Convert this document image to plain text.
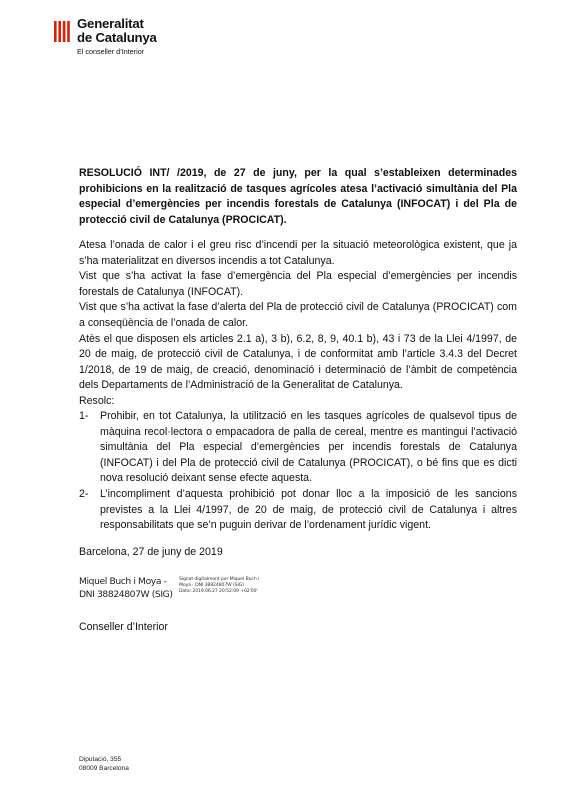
Generalitat
de Catalunya
El conseller d’Interior
RESOLUCIÓ INT/ /2019, de 27 de juny, per la qual s’estableixen determinades prohibicions en la realització de tasques agrícoles atesa l’activació simultània del Pla especial d’emergències per incendis forestals de Catalunya (INFOCAT) i del Pla de protecció civil de Catalunya (PROCICAT).

Atesa l’onada de calor i el greu risc d’incendi per la situació meteorològica existent, que ja s’ha materialitzat en diversos incendis a tot Catalunya.

Vist que s’ha activat la fase d’emergència del Pla especial d’emergències per incendis forestals de Catalunya (INFOCAT).

Vist que s’ha activat la fase d’alerta del Pla de protecció civil de Catalunya (PROCICAT) com a conseqüència de l’onada de calor.

Atès el que disposen els articles 2.1 a), 3 b), 6.2, 8, 9, 40.1 b), 43 i 73 de la Llei 4/1997, de 20 de maig, de protecció civil de Catalunya, i de conformitat amb l’article 3.4.3 del Decret 1/2018, de 19 de maig, de creació, denominació i determinació de l’àmbit de competència dels Departaments de l’Administració de la Generalitat de Catalunya.

Resolc:
1-	Prohibir, en tot Catalunya, la utilització en les tasques agrícoles de qualsevol tipus de màquina recol·lectora o empacadora de palla de cereal, mentre es mantingui l’activació simultània del Pla especial d’emergències per incendis forestals de Catalunya (INFOCAT) i del Pla de protecció civil de Catalunya (PROCICAT), o bé fins que es dicti nova resolució deixant sense efecte aquesta.
2-	L’incompliment d’aquesta prohibició pot donar lloc a la imposició de les sancions previstes a la Llei 4/1997, de 20 de maig, de protecció civil de Catalunya i altres responsabilitats que se’n puguin derivar de l’ordenament jurídic vigent.
Barcelona, 27 de juny de 2019
Miquel Buch i Moya -
DNI 38824807W (SIG)
Signat digitalment per Miquel Buch i
Moya - DNI 38824807W (SIG)
Data: 2019.06.27 20:52:09 +02'00'
Conseller d’Interior
Diputació, 355
08009 Barcelona
